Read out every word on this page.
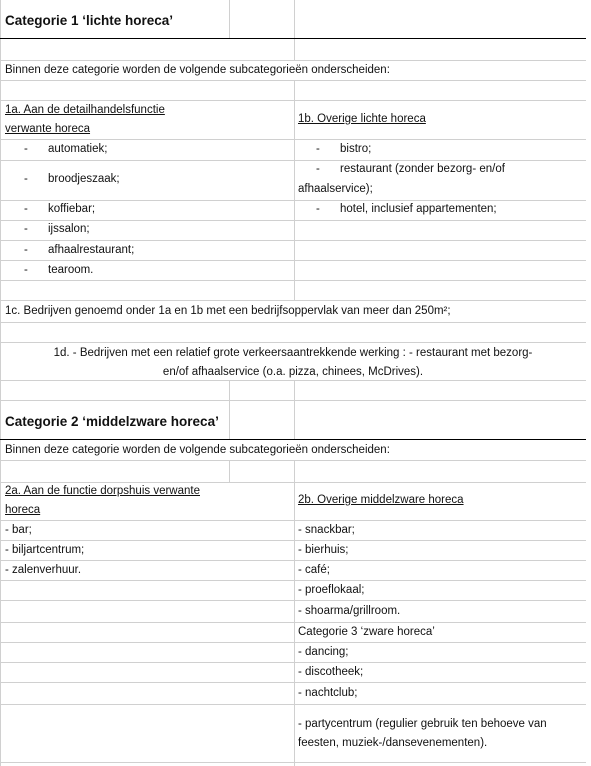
Categorie 1 ‘lichte horeca’
Binnen deze categorie worden de volgende subcategorieën onderscheiden:
1a. Aan de detailhandelsfunctie
verwante horeca
1b. Overige lichte horeca
- automatiek;
- broodjeszaak;
- koffiebar;
- ijssalon;
- afhaalrestaurant;
- tearoom.
- bistro;
- restaurant (zonder bezorg- en/of
afhaalservice);
- hotel, inclusief appartementen;
1c. Bedrijven genoemd onder 1a en 1b met een bedrijfsoppervlak van meer dan 250m²;
1d. - Bedrijven met een relatief grote verkeersaantrekkende werking : - restaurant met bezorg-
en/of afhaalservice (o.a. pizza, chinees, McDrives).
Categorie 2 ‘middelzware horeca’
Binnen deze categorie worden de volgende subcategorieën onderscheiden:
2a. Aan de functie dorpshuis verwante
horeca
2b. Overige middelzware horeca
- bar;
- biljartcentrum;
- zalenverhuur.
- snackbar;
- bierhuis;
- café;
- proeflokaal;
- shoarma/grillroom.
Categorie 3 ‘zware horeca’
- dancing;
- discotheek;
- nachtclub;
- partycentrum (regulier gebruik ten behoeve van
feesten, muziek-/dansevenementen).
